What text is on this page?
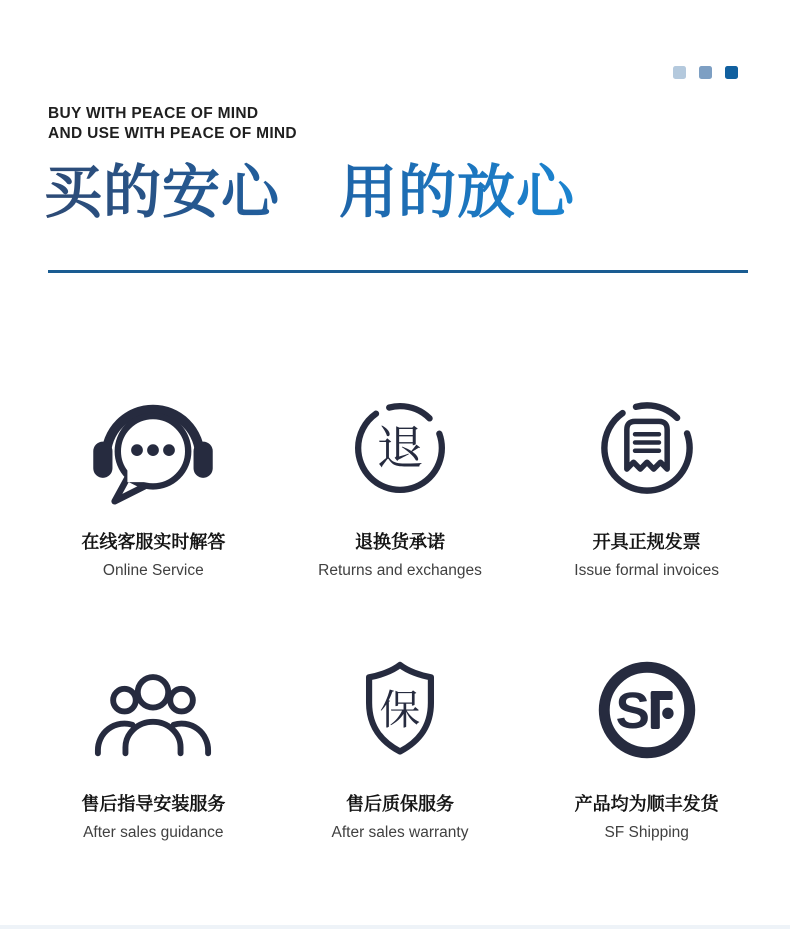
BUY WITH PEACE OF MIND
AND USE WITH PEACE OF MIND
买的安心　用的放心
在线客服实时解答
Online Service
退
退换货承诺
Returns and exchanges
开具正规发票
Issue formal invoices
售后指导安装服务
After sales guidance
保
售后质保服务
After sales warranty
S
产品均为顺丰发货
SF Shipping
